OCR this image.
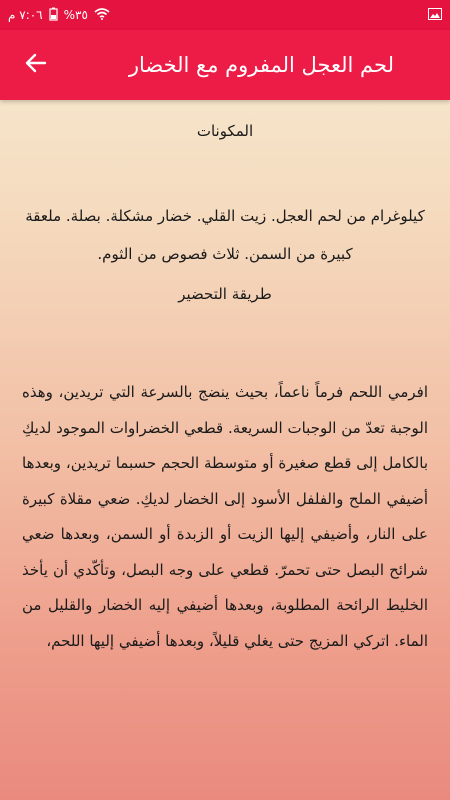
٧:٠٦ م %٣٥
لحم العجل المفروم مع الخضار

المكونات

كيلوغرام من لحم العجل. زيت القلي. خضار مشكلة. بصلة. ملعقة كبيرة من السمن. ثلاث فصوص من الثوم.

طريقة التحضير

افرمي اللحم فرماً ناعماً، بحيث ينضج بالسرعة التي تريدين، وهذه الوجبة تعدّ من الوجبات السريعة. قطعي الخضراوات الموجود لديكِ بالكامل إلى قطع صغيرة أو متوسطة الحجم حسبما تريدين، وبعدها أضيفي الملح والفلفل الأسود إلى الخضار لديكِ. ضعي مقلاة كبيرة على النار، وأضيفي إليها الزيت أو الزبدة أو السمن، وبعدها ضعي شرائح البصل حتى تحمرّ. قطعي على وجه البصل، وتأكّدي أن يأخذ الخليط الرائحة المطلوبة، وبعدها أضيفي إليه الخضار والقليل من الماء. اتركي المزيج حتى يغلي قليلاً، وبعدها أضيفي إليها اللحم،
